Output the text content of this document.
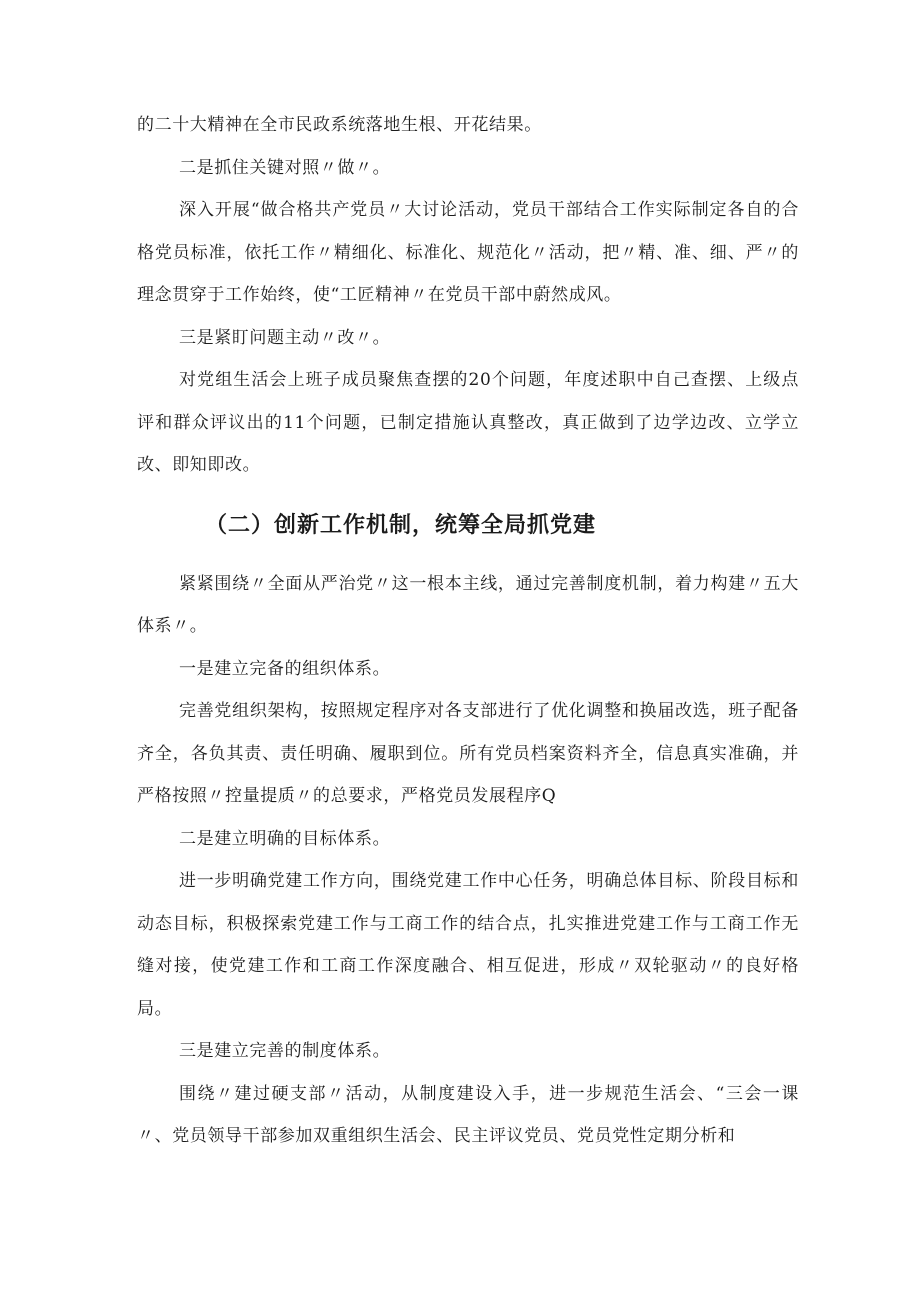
的二十大精神在全市民政系统落地生根、开花结果。

二是抓住关键对照〃做〃。

深入开展“做合格共产党员〃大讨论活动，党员干部结合工作实际制定各自的合格党员标准，依托工作〃精细化、标准化、规范化〃活动，把〃精、准、细、严〃的理念贯穿于工作始终，使“工匠精神〃在党员干部中蔚然成风。

三是紧盯问题主动〃改〃。

对党组生活会上班子成员聚焦查摆的20个问题，年度述职中自己查摆、上级点评和群众评议出的11个问题，已制定措施认真整改，真正做到了边学边改、立学立改、即知即改。

（二）创新工作机制，统筹全局抓党建

紧紧围绕〃全面从严治党〃这一根本主线，通过完善制度机制，着力构建〃五大体系〃。

一是建立完备的组织体系。

完善党组织架构，按照规定程序对各支部进行了优化调整和换届改选，班子配备齐全，各负其责、责任明确、履职到位。所有党员档案资料齐全，信息真实准确，并严格按照〃控量提质〃的总要求，严格党员发展程序Q

二是建立明确的目标体系。

进一步明确党建工作方向，围绕党建工作中心任务，明确总体目标、阶段目标和动态目标，积极探索党建工作与工商工作的结合点，扎实推进党建工作与工商工作无缝对接，使党建工作和工商工作深度融合、相互促进，形成〃双轮驱动〃的良好格局。

三是建立完善的制度体系。

围绕〃建过硬支部〃活动，从制度建设入手，进一步规范生活会、“三会一课〃、党员领导干部参加双重组织生活会、民主评议党员、党员党性定期分析和
